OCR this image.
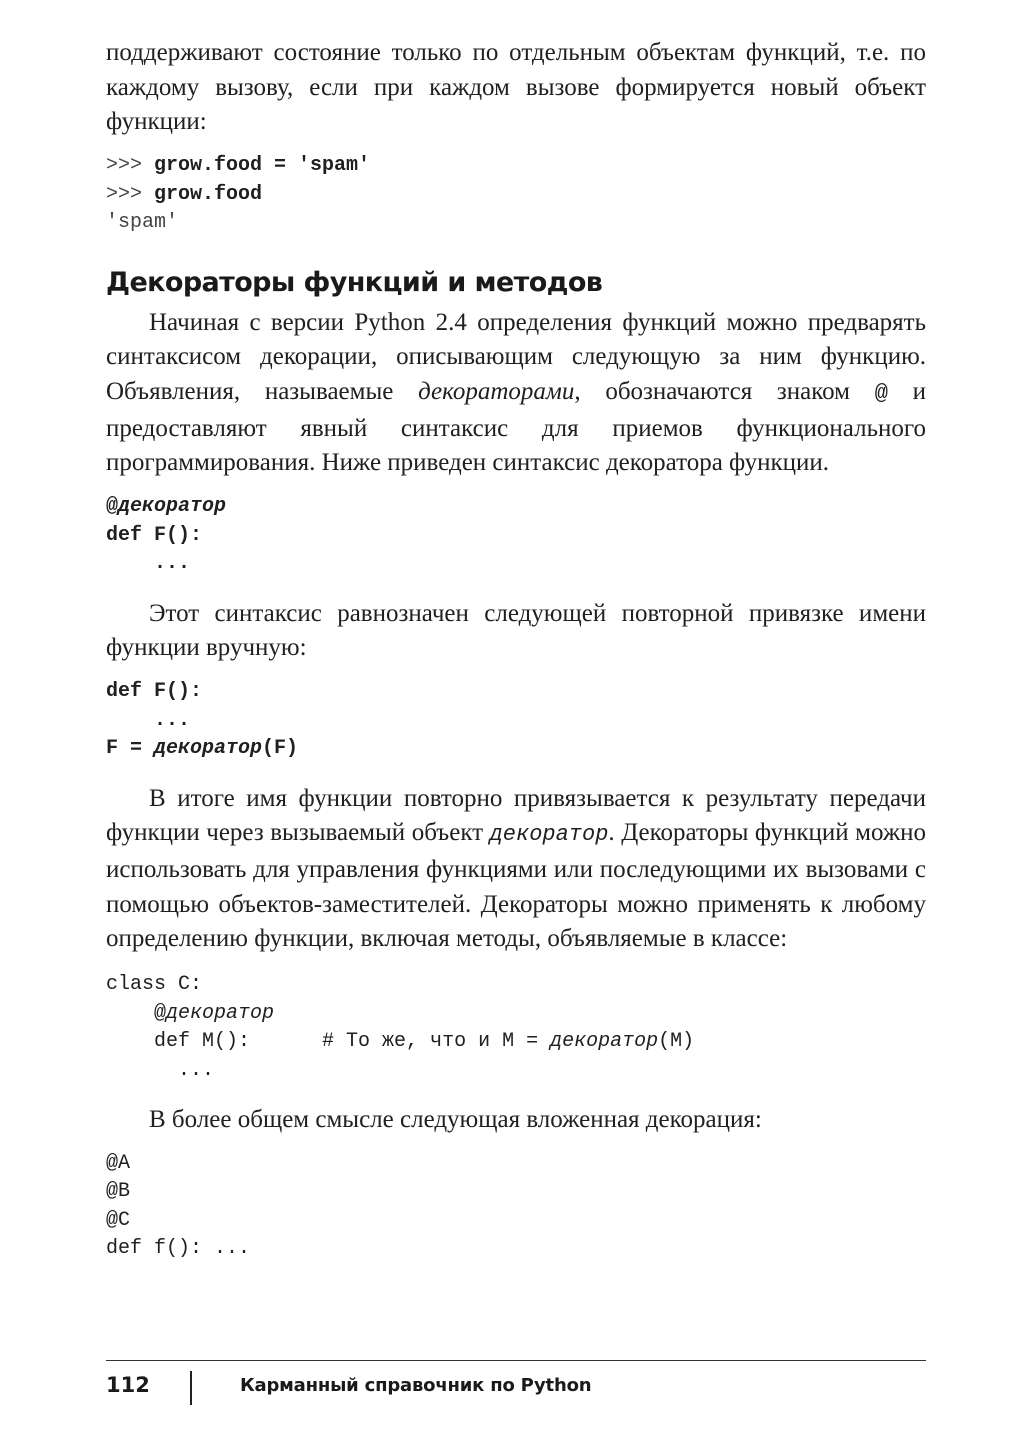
поддерживают состояние только по отдельным объектам функций, т.е. по каждому вызову, если при каждом вызове формируется новый объект функции:

>>> grow.food = 'spam'
>>> grow.food
'spam'
Декораторы функций и методов

Начиная с версии Python 2.4 определения функций можно предварять синтаксисом декорации, описывающим следующую за ним функцию. Объявления, называемые декораторами, обозначаются знаком @ и предоставляют явный синтаксис для приемов функционального программирования. Ниже приведен синтаксис декоратора функции.

@декоратор
def F():
...

Этот синтаксис равнозначен следующей повторной привязке имени функции вручную:

def F():
...
F = декоратор(F)

В итоге имя функции повторно привязывается к результату передачи функции через вызываемый объект декоратор. Декораторы функций можно использовать для управления функциями или последующими их вызовами с помощью объектов-заместителей. Декораторы можно применять к любому определению функции, включая методы, объявляемые в классе:

class C:
@декоратор
def M():	# То же, что и M = декоратор(M)
...

В более общем смысле следующая вложенная декорация:

@A
@B
@C
def f(): ...
112	Карманный справочник по Python
